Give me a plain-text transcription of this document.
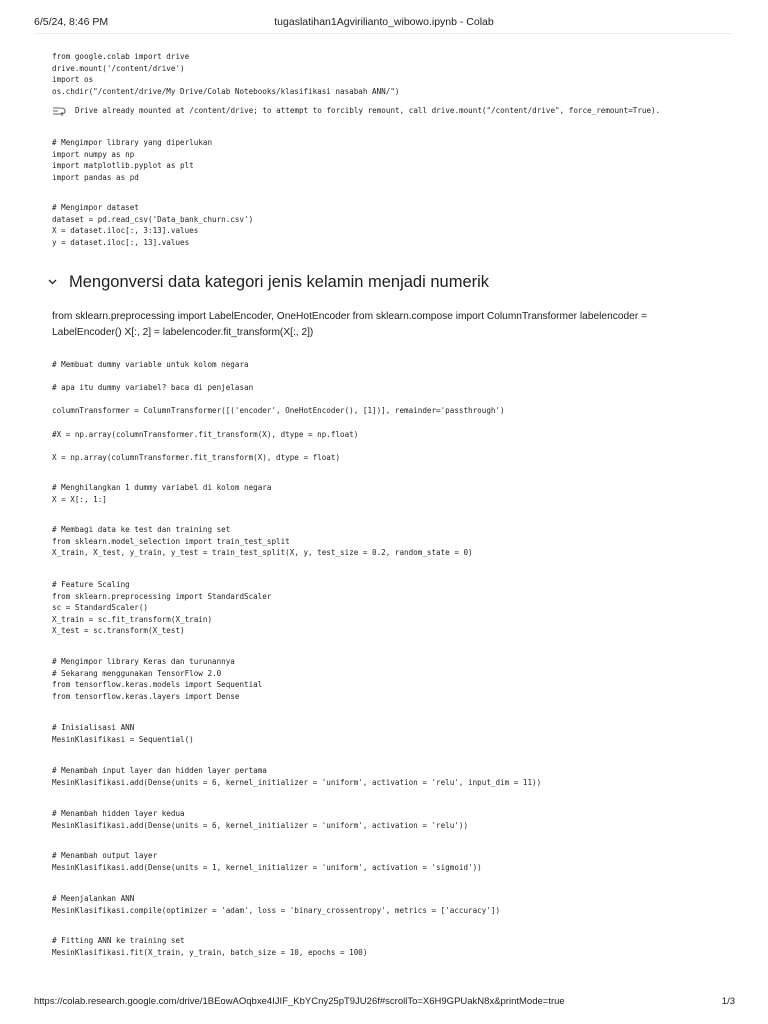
6/5/24, 8:46 PM	tugaslatihan1Agvirilianto_wibowo.ipynb - Colab
from google.colab import drive
drive.mount('/content/drive')
import os
os.chdir("/content/drive/My Drive/Colab Notebooks/klasifikasi nasabah ANN/")
Drive already mounted at /content/drive; to attempt to forcibly remount, call drive.mount("/content/drive", force_remount=True).
# Mengimpor library yang diperlukan
import numpy as np
import matplotlib.pyplot as plt
import pandas as pd
# Mengimpor dataset
dataset = pd.read_csv('Data_bank_churn.csv')
X = dataset.iloc[:, 3:13].values
y = dataset.iloc[:, 13].values
Mengonversi data kategori jenis kelamin menjadi numerik
from sklearn.preprocessing import LabelEncoder, OneHotEncoder from sklearn.compose import ColumnTransformer labelencoder = LabelEncoder() X[:, 2] = labelencoder.fit_transform(X[:, 2])
# Membuat dummy variable untuk kolom negara

# apa itu dummy variabel? baca di penjelasan

columnTransformer = ColumnTransformer([('encoder', OneHotEncoder(), [1])], remainder='passthrough')

#X = np.array(columnTransformer.fit_transform(X), dtype = np.float)

X = np.array(columnTransformer.fit_transform(X), dtype = float)
# Menghilangkan 1 dummy variabel di kolom negara
X = X[:, 1:]
# Membagi data ke test dan training set
from sklearn.model_selection import train_test_split
X_train, X_test, y_train, y_test = train_test_split(X, y, test_size = 0.2, random_state = 0)
# Feature Scaling
from sklearn.preprocessing import StandardScaler
sc = StandardScaler()
X_train = sc.fit_transform(X_train)
X_test = sc.transform(X_test)
# Mengimpor library Keras dan turunannya
# Sekarang menggunakan TensorFlow 2.0
from tensorflow.keras.models import Sequential
from tensorflow.keras.layers import Dense
# Inisialisasi ANN
MesinKlasifikasi = Sequential()
# Menambah input layer dan hidden layer pertama
MesinKlasifikasi.add(Dense(units = 6, kernel_initializer = 'uniform', activation = 'relu', input_dim = 11))
# Menambah hidden layer kedua
MesinKlasifikasi.add(Dense(units = 6, kernel_initializer = 'uniform', activation = 'relu'))
# Menambah output layer
MesinKlasifikasi.add(Dense(units = 1, kernel_initializer = 'uniform', activation = 'sigmoid'))
# Meenjalankan ANN
MesinKlasifikasi.compile(optimizer = 'adam', loss = 'binary_crossentropy', metrics = ['accuracy'])
# Fitting ANN ke training set
MesinKlasifikasi.fit(X_train, y_train, batch_size = 10, epochs = 100)
https://colab.research.google.com/drive/1BEowAOqbxe4IJIF_KbYCny25pT9JU26f#scrollTo=X6H9GPUakN8x&printMode=true	1/3
